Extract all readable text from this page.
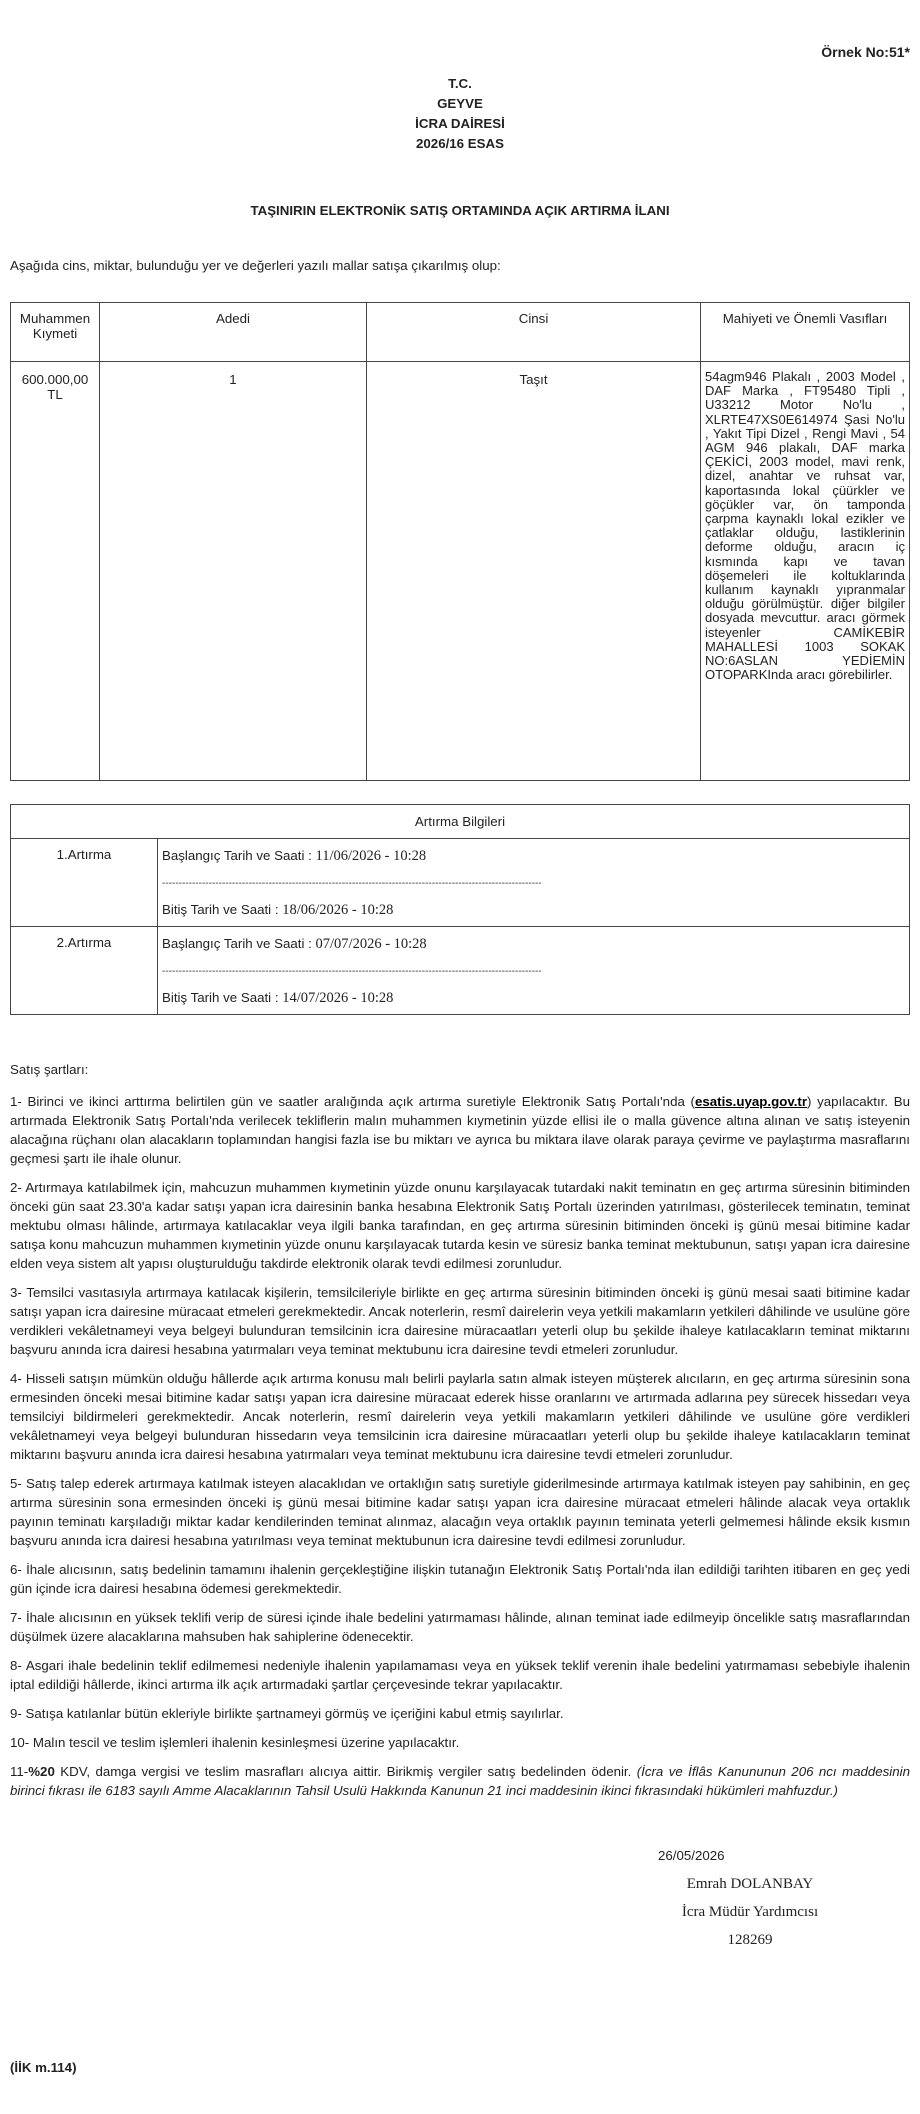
Örnek No:51*
T.C.
GEYVE
İCRA DAİRESİ
2026/16 ESAS
TAŞINIRIN ELEKTRONİK SATIŞ ORTAMINDA AÇIK ARTIRMA İLANI
Aşağıda cins, miktar, bulunduğu yer ve değerleri yazılı mallar satışa çıkarılmış olup:
Muhammen Kıymeti	Adedi	Cinsi	Mahiyeti ve Önemli Vasıfları
600.000,00 TL	1	Taşıt	54agm946 Plakalı , 2003 Model , DAF Marka , FT95480 Tipli , U33212 Motor No'lu , XLRTE47XS0E614974 Şasi No'lu , Yakıt Tipi Dizel , Rengi Mavi , 54 AGM 946 plakalı, DAF marka ÇEKİCİ, 2003 model, mavi renk, dizel, anahtar ve ruhsat var, kaportasında lokal çüürkler ve göçükler var, ön tamponda çarpma kaynaklı lokal ezikler ve çatlaklar olduğu, lastiklerinin deforme olduğu, aracın iç kısmında kapı ve tavan döşemeleri ile koltuklarında kullanım kaynaklı yıpranmalar olduğu görülmüştür. diğer bilgiler dosyada mevcuttur. aracı görmek isteyenler CAMİKEBİR MAHALLESİ 1003 SOKAK NO:6ASLAN YEDİEMİN OTOPARKInda aracı görebilirler.
Artırma Bilgileri	
1.Artırma	Başlangıç Tarih ve Saati : 11/06/2026 - 10:28
------------------------------------------------------------------------------------------------------------------
Bitiş Tarih ve Saati : 18/06/2026 - 10:28

2.Artırma	Başlangıç Tarih ve Saati : 07/07/2026 - 10:28
------------------------------------------------------------------------------------------------------------------
Bitiş Tarih ve Saati : 14/07/2026 - 10:28

Satış şartları:

1- Birinci ve ikinci arttırma belirtilen gün ve saatler aralığında açık artırma suretiyle Elektronik Satış Portalı'nda (esatis.uyap.gov.tr) yapılacaktır. Bu artırmada Elektronik Satış Portalı'nda verilecek tekliflerin malın muhammen kıymetinin yüzde ellisi ile o malla güvence altına alınan ve satış isteyenin alacağına rüçhanı olan alacakların toplamından hangisi fazla ise bu miktarı ve ayrıca bu miktara ilave olarak paraya çevirme ve paylaştırma masraflarını geçmesi şartı ile ihale olunur.

2- Artırmaya katılabilmek için, mahcuzun muhammen kıymetinin yüzde onunu karşılayacak tutardaki nakit teminatın en geç artırma süresinin bitiminden önceki gün saat 23.30'a kadar satışı yapan icra dairesinin banka hesabına Elektronik Satış Portalı üzerinden yatırılması, gösterilecek teminatın, teminat mektubu olması hâlinde, artırmaya katılacaklar veya ilgili banka tarafından, en geç artırma süresinin bitiminden önceki iş günü mesai bitimine kadar satışa konu mahcuzun muhammen kıymetinin yüzde onunu karşılayacak tutarda kesin ve süresiz banka teminat mektubunun, satışı yapan icra dairesine elden veya sistem alt yapısı oluşturulduğu takdirde elektronik olarak tevdi edilmesi zorunludur.

3- Temsilci vasıtasıyla artırmaya katılacak kişilerin, temsilcileriyle birlikte en geç artırma süresinin bitiminden önceki iş günü mesai saati bitimine kadar satışı yapan icra dairesine müracaat etmeleri gerekmektedir. Ancak noterlerin, resmî dairelerin veya yetkili makamların yetkileri dâhilinde ve usulüne göre verdikleri vekâletnameyi veya belgeyi bulunduran temsilcinin icra dairesine müracaatları yeterli olup bu şekilde ihaleye katılacakların teminat miktarını başvuru anında icra dairesi hesabına yatırmaları veya teminat mektubunu icra dairesine tevdi etmeleri zorunludur.

4- Hisseli satışın mümkün olduğu hâllerde açık artırma konusu malı belirli paylarla satın almak isteyen müşterek alıcıların, en geç artırma süresinin sona ermesinden önceki mesai bitimine kadar satışı yapan icra dairesine müracaat ederek hisse oranlarını ve artırmada adlarına pey sürecek hissedarı veya temsilciyi bildirmeleri gerekmektedir. Ancak noterlerin, resmî dairelerin veya yetkili makamların yetkileri dâhilinde ve usulüne göre verdikleri vekâletnameyi veya belgeyi bulunduran hissedarın veya temsilcinin icra dairesine müracaatları yeterli olup bu şekilde ihaleye katılacakların teminat miktarını başvuru anında icra dairesi hesabına yatırmaları veya teminat mektubunu icra dairesine tevdi etmeleri zorunludur.

5- Satış talep ederek artırmaya katılmak isteyen alacaklıdan ve ortaklığın satış suretiyle giderilmesinde artırmaya katılmak isteyen pay sahibinin, en geç artırma süresinin sona ermesinden önceki iş günü mesai bitimine kadar satışı yapan icra dairesine müracaat etmeleri hâlinde alacak veya ortaklık payının teminatı karşıladığı miktar kadar kendilerinden teminat alınmaz, alacağın veya ortaklık payının teminata yeterli gelmemesi hâlinde eksik kısmın başvuru anında icra dairesi hesabına yatırılması veya teminat mektubunun icra dairesine tevdi edilmesi zorunludur.

6- İhale alıcısının, satış bedelinin tamamını ihalenin gerçekleştiğine ilişkin tutanağın Elektronik Satış Portalı'nda ilan edildiği tarihten itibaren en geç yedi gün içinde icra dairesi hesabına ödemesi gerekmektedir.

7- İhale alıcısının en yüksek teklifi verip de süresi içinde ihale bedelini yatırmaması hâlinde, alınan teminat iade edilmeyip öncelikle satış masraflarından düşülmek üzere alacaklarına mahsuben hak sahiplerine ödenecektir.

8- Asgari ihale bedelinin teklif edilmemesi nedeniyle ihalenin yapılamaması veya en yüksek teklif verenin ihale bedelini yatırmaması sebebiyle ihalenin iptal edildiği hâllerde, ikinci artırma ilk açık artırmadaki şartlar çerçevesinde tekrar yapılacaktır.

9- Satışa katılanlar bütün ekleriyle birlikte şartnameyi görmüş ve içeriğini kabul etmiş sayılırlar.

10- Malın tescil ve teslim işlemleri ihalenin kesinleşmesi üzerine yapılacaktır.

11-%20 KDV, damga vergisi ve teslim masrafları alıcıya aittir. Birikmiş vergiler satış bedelinden ödenir. (İcra ve İflâs Kanununun 206 ncı maddesinin birinci fıkrası ile 6183 sayılı Amme Alacaklarının Tahsil Usulü Hakkında Kanunun 21 inci maddesinin ikinci fıkrasındaki hükümleri mahfuzdur.)

26/05/2026
Emrah DOLANBAY
İcra Müdür Yardımcısı
128269
(İİK m.114)
